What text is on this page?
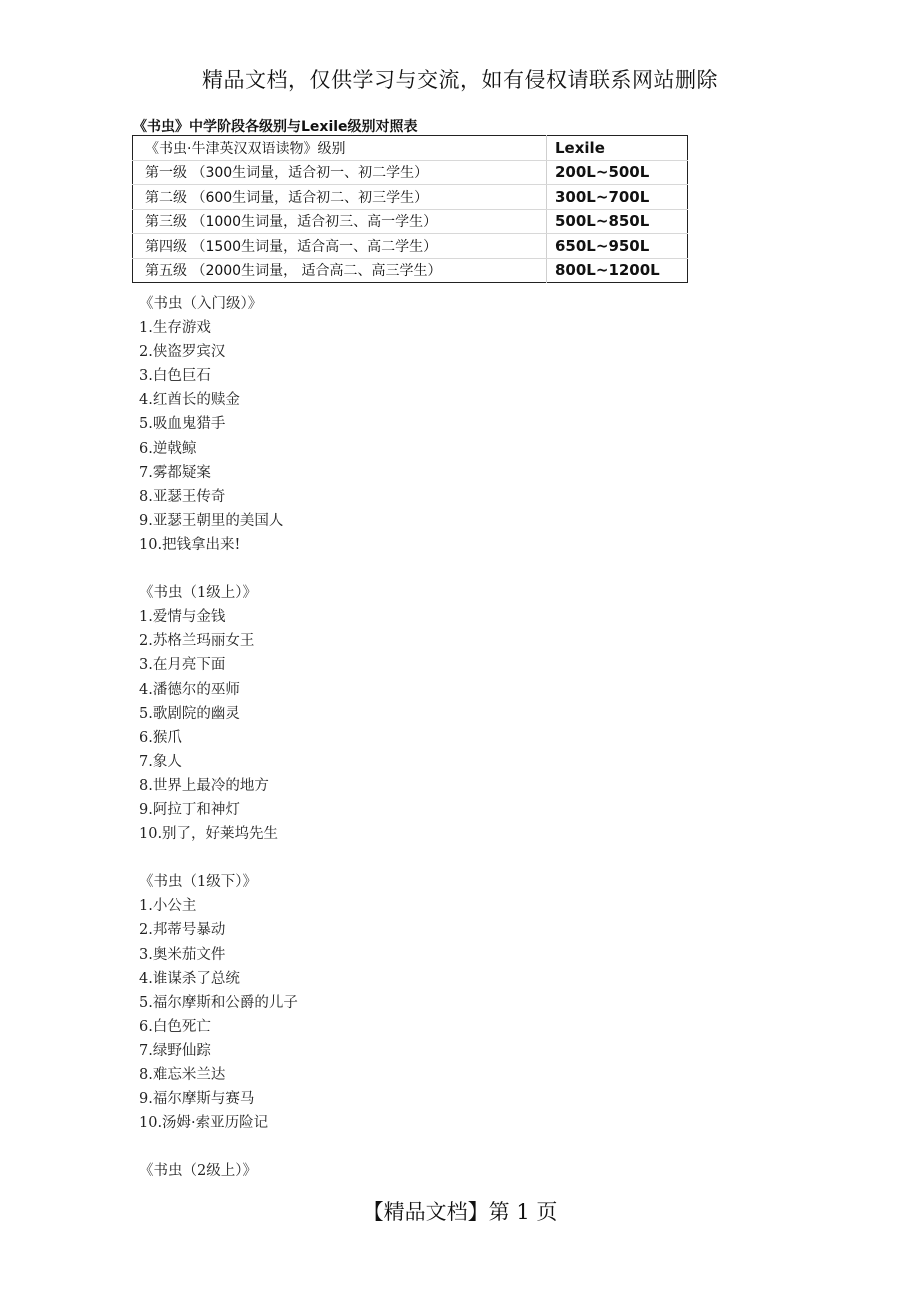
精品文档，仅供学习与交流，如有侵权请联系网站删除
《书虫》中学阶段各级别与Lexile级别对照表
《书虫·牛津英汉双语读物》级别	Lexile
第一级 （300生词量，适合初一、初二学生）	200L~500L
第二级 （600生词量，适合初二、初三学生）	300L~700L
第三级 （1000生词量，适合初三、高一学生）	500L~850L
第四级 （1500生词量，适合高一、高二学生）	650L~950L
第五级 （2000生词量， 适合高二、高三学生）	800L~1200L
《书虫（入门级）》
1.生存游戏
2.侠盗罗宾汉
3.白色巨石
4.红酋长的赎金
5.吸血鬼猎手
6.逆戟鲸
7.雾都疑案
8.亚瑟王传奇
9.亚瑟王朝里的美国人
10.把钱拿出来!
《书虫（1级上）》
1.爱情与金钱
2.苏格兰玛丽女王
3.在月亮下面
4.潘德尔的巫师
5.歌剧院的幽灵
6.猴爪
7.象人
8.世界上最冷的地方
9.阿拉丁和神灯
10.别了，好莱坞先生
《书虫（1级下）》
1.小公主
2.邦蒂号暴动
3.奥米茄文件
4.谁谋杀了总统
5.福尔摩斯和公爵的儿子
6.白色死亡
7.绿野仙踪
8.难忘米兰达
9.福尔摩斯与赛马
10.汤姆·索亚历险记
《书虫（2级上）》
【精品文档】第 1 页
